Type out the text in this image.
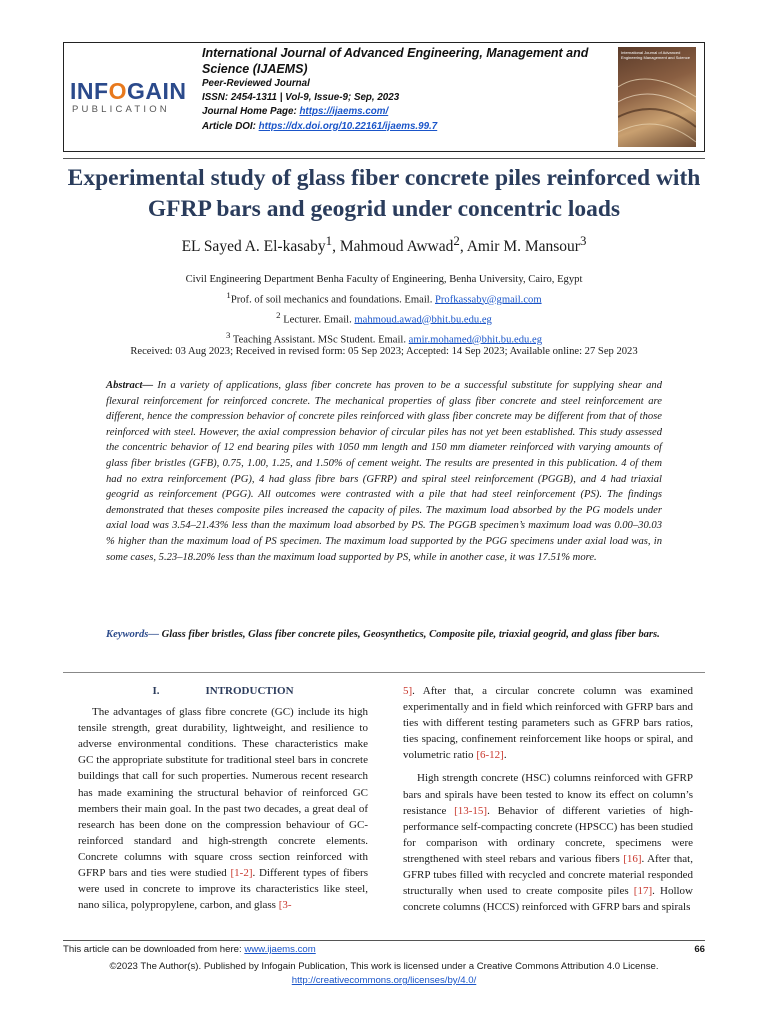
INFOGAIN
PUBLICATION
International Journal of Advanced Engineering, Management and Science (IJAEMS)
Peer-Reviewed Journal
ISSN: 2454-1311 | Vol-9, Issue-9; Sep, 2023
Journal Home Page: https://ijaems.com/
Article DOI: https://dx.doi.org/10.22161/ijaems.99.7
International Journal of Advanced Engineering Management and Science
Experimental study of glass fiber concrete piles reinforced with GFRP bars and geogrid under concentric loads
EL Sayed A. El-kasaby$^1$, Mahmoud Awwad$^2$, Amir M. Mansour$^3$
Civil Engineering Department Benha Faculty of Engineering, Benha University, Cairo, Egypt
$^1$Prof. of soil mechanics and foundations. Email. Profkassaby@gmail.com
$^2$ Lecturer. Email. mahmoud.awad@bhit.bu.edu.eg
$^3$ Teaching Assistant. MSc Student. Email. amir.mohamed@bhit.bu.edu.eg
Received: 03 Aug 2023; Received in revised form: 05 Sep 2023; Accepted: 14 Sep 2023; Available online: 27 Sep 2023
Abstract— In a variety of applications, glass fiber concrete has proven to be a successful substitute for supplying shear and flexural reinforcement for reinforced concrete. The mechanical properties of glass fiber concrete and steel reinforcement are different, hence the compression behavior of concrete piles reinforced with glass fiber concrete may be different from that of those reinforced with steel. However, the axial compression behavior of circular piles has not yet been established. This study assessed the concentric behavior of 12 end bearing piles with 1050 mm length and 150 mm diameter reinforced with varying amounts of glass fiber bristles (GFB), 0.75, 1.00, 1.25, and 1.50% of cement weight. The results are presented in this publication. 4 of them had no extra reinforcement (PG), 4 had glass fibre bars (GFRP) and spiral steel reinforcement (PGGB), and 4 had triaxial geogrid as reinforcement (PGG). All outcomes were contrasted with a pile that had steel reinforcement (PS). The findings demonstrated that theses composite piles increased the capacity of piles. The maximum load absorbed by the PG models under axial load was 3.54–21.43% less than the maximum load absorbed by PS. The PGGB specimen’s maximum load was 0.00–30.03 % higher than the maximum load of PS specimen. The maximum load supported by the PGG specimens under axial load was, in some cases, 5.23–18.20% less than the maximum load supported by PS, while in another case, it was 17.51% more.
Keywords— Glass fiber bristles, Glass fiber concrete piles, Geosynthetics, Composite pile, triaxial geogrid, and glass fiber bars.
I.	INTRODUCTION

The advantages of glass fibre concrete (GC) include its high tensile strength, great durability, lightweight, and resilience to adverse environmental conditions. These characteristics make GC the appropriate substitute for traditional steel bars in concrete buildings that call for such properties. Numerous recent research has made examining the structural behavior of reinforced GC members their main goal. In the past two decades, a great deal of research has been done on the compression behaviour of GC-reinforced standard and high-strength concrete elements. Concrete columns with square cross section reinforced with GFRP bars and ties were studied [1-2]. Different types of fibers were used in concrete to improve its characteristics like steel, nano silica, polypropylene, carbon, and glass [3-

5]. After that, a circular concrete column was examined experimentally and in field which reinforced with GFRP bars and ties with different testing parameters such as GFRP bars ratios, ties spacing, confinement reinforcement like hoops or spiral, and volumetric ratio [6-12].

High strength concrete (HSC) columns reinforced with GFRP bars and spirals have been tested to know its effect on column’s resistance [13-15]. Behavior of different varieties of high-performance self-compacting concrete (HPSCC) has been studied for comparison with ordinary concrete, specimens were strengthened with steel rebars and various fibers [16]. After that, GFRP tubes filled with recycled and concrete material responded structurally when used to create composite piles [17]. Hollow concrete columns (HCCS) reinforced with GFRP bars and spirals

This article can be downloaded from here: www.ijaems.com	66
©2023 The Author(s). Published by Infogain Publication, This work is licensed under a Creative Commons Attribution 4.0 License.
http://creativecommons.org/licenses/by/4.0/
